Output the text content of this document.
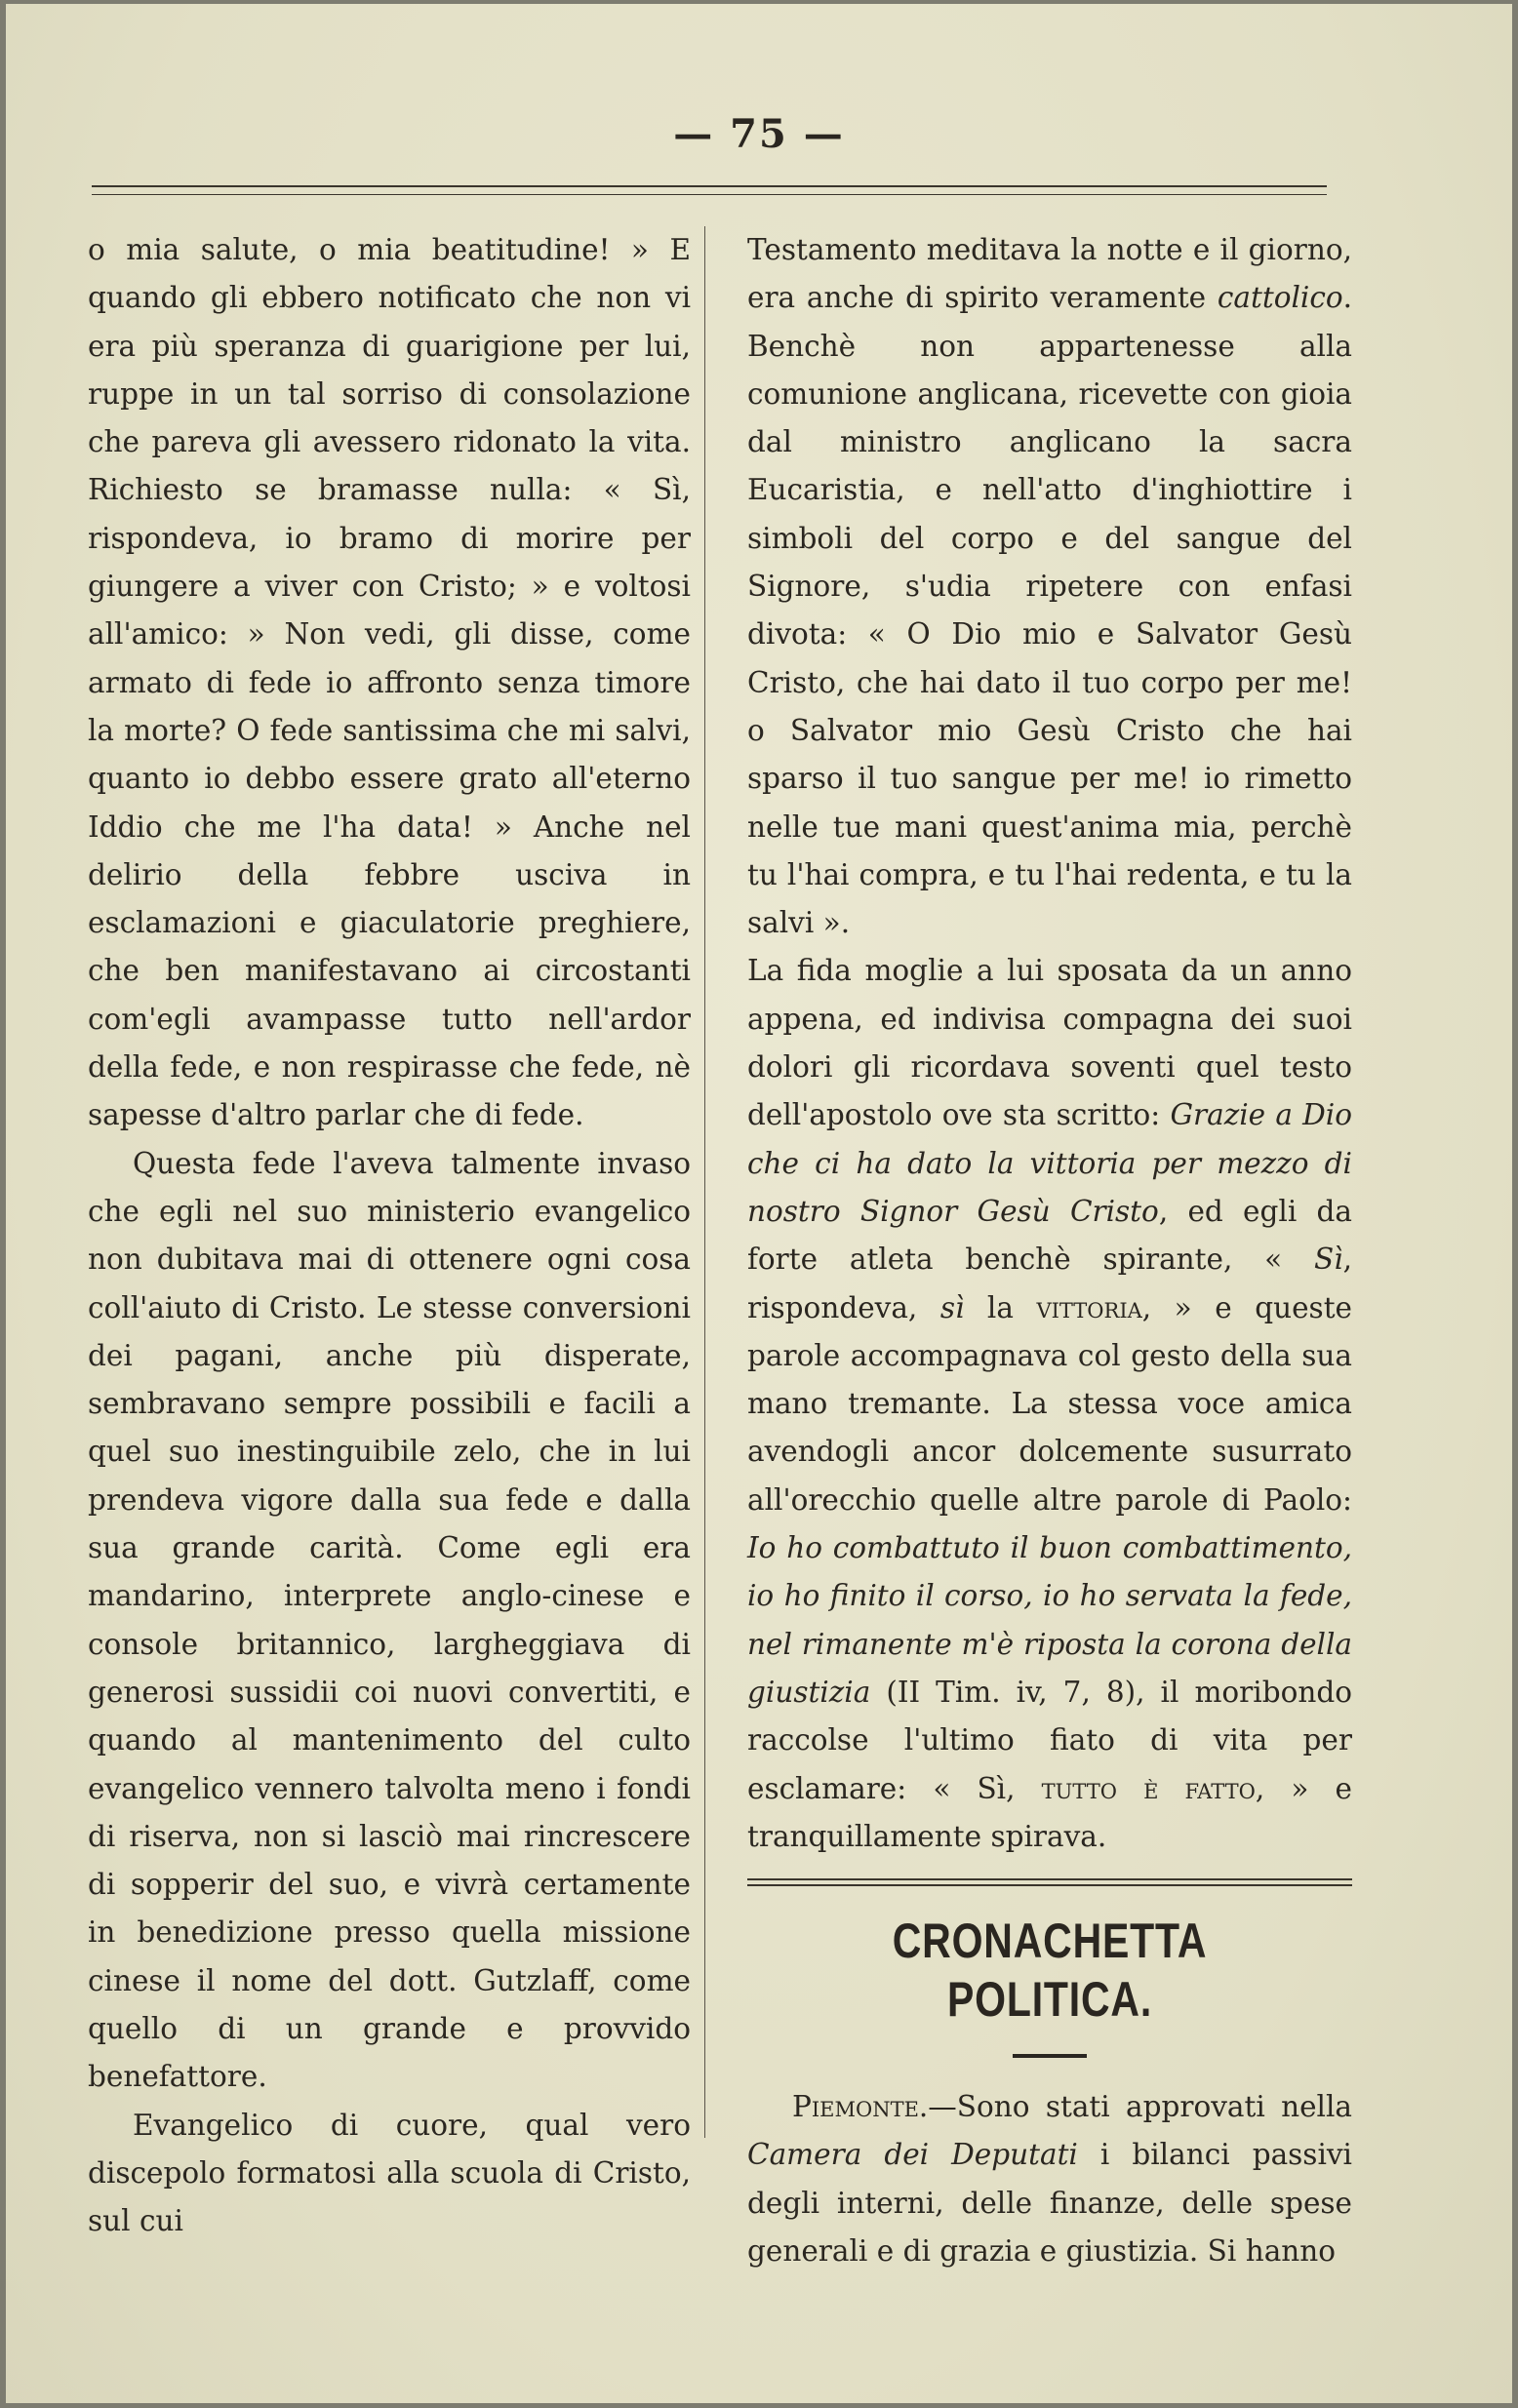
— 75 —

o mia salute, o mia beatitudine! » E quando gli ebbero notificato che non vi era più speranza di guarigione per lui, ruppe in un tal sorriso di consolazione che pareva gli avessero ridonato la vita. Richiesto se bramasse nulla: « Sì, rispondeva, io bramo di morire per giungere a viver con Cristo; » e voltosi all'amico: » Non vedi, gli disse, come armato di fede io affronto senza timore la morte? O fede santissima che mi salvi, quanto io debbo essere grato all'eterno Iddio che me l'ha data! » Anche nel delirio della febbre usciva in esclamazioni e giaculatorie preghiere, che ben manifestavano ai circostanti com'egli avampasse tutto nell'ardor della fede, e non respirasse che fede, nè sapesse d'altro parlar che di fede.

Questa fede l'aveva talmente invaso che egli nel suo ministerio evangelico non dubitava mai di ottenere ogni cosa coll'aiuto di Cristo. Le stesse conversioni dei pagani, anche più disperate, sembravano sempre possibili e facili a quel suo inestinguibile zelo, che in lui prendeva vigore dalla sua fede e dalla sua grande carità. Come egli era mandarino, interprete anglo-cinese e console britannico, largheggiava di generosi sussidii coi nuovi convertiti, e quando al mantenimento del culto evangelico vennero talvolta meno i fondi di riserva, non si lasciò mai rincrescere di sopperir del suo, e vivrà certamente in benedizione presso quella missione cinese il nome del dott. Gutzlaff, come quello di un grande e provvido benefattore.

Evangelico di cuore, qual vero discepolo formatosi alla scuola di Cristo, sul cui

Testamento meditava la notte e il giorno, era anche di spirito veramente cattolico. Benchè non appartenesse alla comunione anglicana, ricevette con gioia dal ministro anglicano la sacra Eucaristia, e nell'atto d'inghiottire i simboli del corpo e del sangue del Signore, s'udia ripetere con enfasi divota: « O Dio mio e Salvator Gesù Cristo, che hai dato il tuo corpo per me! o Salvator mio Gesù Cristo che hai sparso il tuo sangue per me! io rimetto nelle tue mani quest'anima mia, perchè tu l'hai compra, e tu l'hai redenta, e tu la salvi ».

La fida moglie a lui sposata da un anno appena, ed indivisa compagna dei suoi dolori gli ricordava soventi quel testo dell'apostolo ove sta scritto: Grazie a Dio che ci ha dato la vittoria per mezzo di nostro Signor Gesù Cristo, ed egli da forte atleta benchè spirante, « Sì, rispondeva, sì la vittoria, » e queste parole accompagnava col gesto della sua mano tremante. La stessa voce amica avendogli ancor dolcemente susurrato all'orecchio quelle altre parole di Paolo: Io ho combattuto il buon combattimento, io ho finito il corso, io ho servata la fede, nel rimanente m'è riposta la corona della giustizia (II Tim. iv, 7, 8), il moribondo raccolse l'ultimo fiato di vita per esclamare: « Sì, tutto è fatto, » e tranquillamente spirava.

CRONACHETTA POLITICA.

Piemonte.—Sono stati approvati nella Camera dei Deputati i bilanci passivi degli interni, delle finanze, delle spese generali e di grazia e giustizia. Si hanno
